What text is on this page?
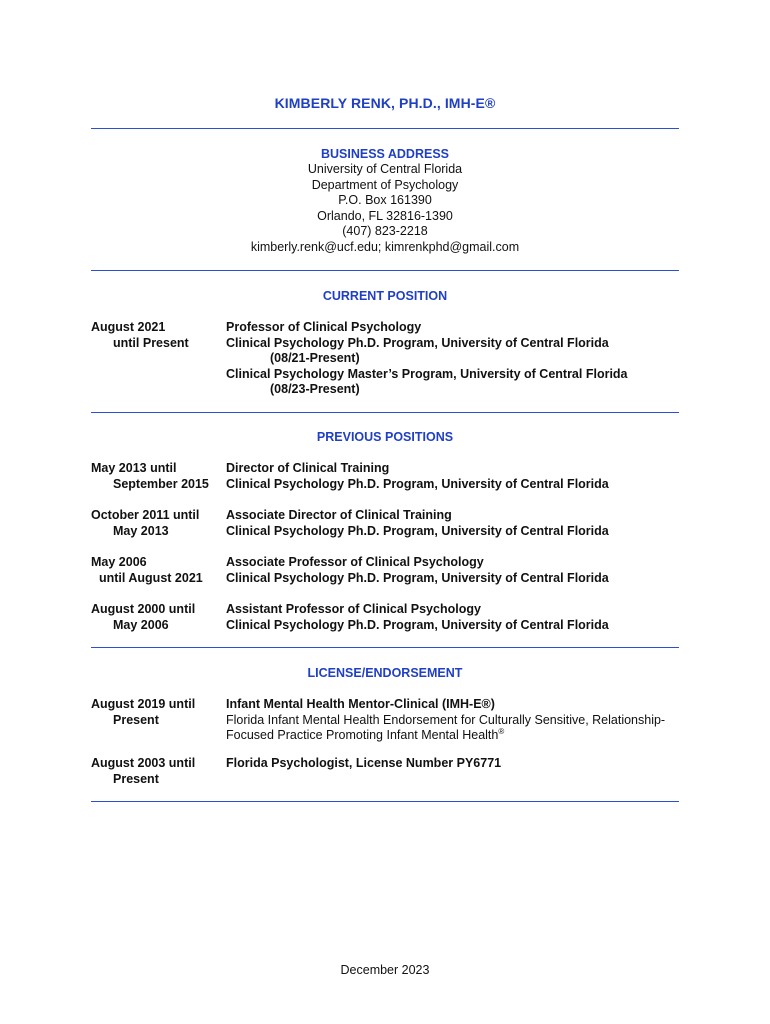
KIMBERLY RENK, PH.D., IMH-E®
BUSINESS ADDRESS
University of Central Florida
Department of Psychology
P.O. Box 161390
Orlando, FL 32816-1390
(407) 823-2218
kimberly.renk@ucf.edu; kimrenkphd@gmail.com
CURRENT POSITION
August 2021
until Present
Professor of Clinical Psychology
Clinical Psychology Ph.D. Program, University of Central Florida
(08/21-Present)
Clinical Psychology Master’s Program, University of Central Florida
(08/23-Present)
PREVIOUS POSITIONS
May 2013 until
September 2015
Director of Clinical Training
Clinical Psychology Ph.D. Program, University of Central Florida
October 2011 until
May 2013
Associate Director of Clinical Training
Clinical Psychology Ph.D. Program, University of Central Florida
May 2006
until August 2021
Associate Professor of Clinical Psychology
Clinical Psychology Ph.D. Program, University of Central Florida
August 2000 until
May 2006
Assistant Professor of Clinical Psychology
Clinical Psychology Ph.D. Program, University of Central Florida
LICENSE/ENDORSEMENT
August 2019 until
Present
Infant Mental Health Mentor-Clinical (IMH-E®)
Florida Infant Mental Health Endorsement for Culturally Sensitive, Relationship-
Focused Practice Promoting Infant Mental Health®
August 2003 until
Present
Florida Psychologist, License Number PY6771
December 2023
